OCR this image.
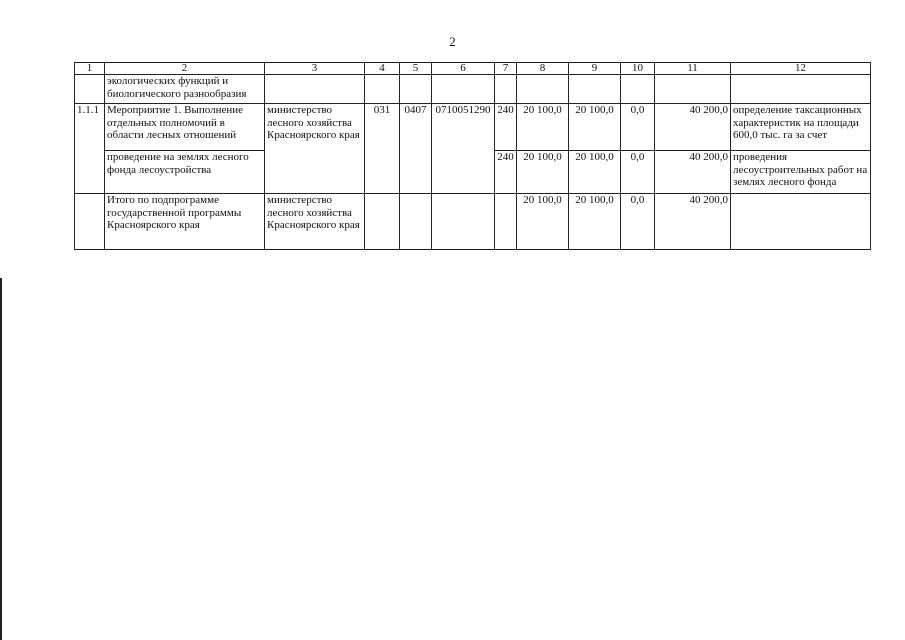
2
1	2	3	4	5	6	7	8	9	10	11	12
	экологических функций и биологического разнообразия										
1.1.1	Мероприятие 1. Выполнение отдельных полномочий в области лесных отношений	министерство лесного хозяйства Красноярского края	031	0407	0710051290	240	20 100,0	20 100,0	0,0	40 200,0	определение таксационных характеристик на площади 600,0 тыс. га за счет
	проведение на землях лесного фонда лесоустройства					240	20 100,0	20 100,0	0,0	40 200,0	проведения лесоустроительных работ на землях лесного фонда
	Итого по подпрограмме государственной программы Красноярского края	министерство лесного хозяйства Красноярского края					20 100,0	20 100,0	0,0	40 200,0	
